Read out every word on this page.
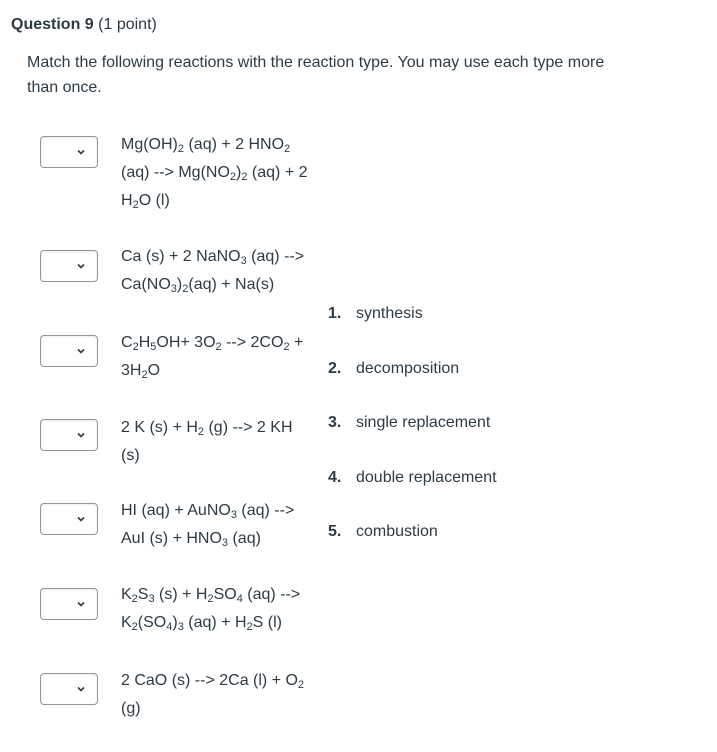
Question 9 (1 point)
Match the following reactions with the reaction type. You may use each type more than once.
$Mg(OH)_2$ (aq) + 2 $HNO_2$ (aq) --> $Mg(NO_2)_2$ (aq) + 2 $H_2O$ (l)
Ca (s) + 2 NaNO$_3$ (aq) --> $Ca(NO_3)_2(aq) + Na(s)$
$C_2H_5OH+ 3O_2$ --> $2CO_2 + 3H_2O$
2 K $(s) + H_2$ (g) --> 2 KH (s)
HI (aq) + AuNO$_3$ (aq) --> AuI $(s) + HNO_3$ (aq)
$K_2S_3$ $(s) + H_2SO_4$ (aq) --> $K_2(SO_4)_3$ $(aq) + H_2S$ (l)
2 CaO (s) --> 2Ca $(l) + O_2$ (g)
1. synthesis
2. decomposition
3. single replacement
4. double replacement
5. combustion
